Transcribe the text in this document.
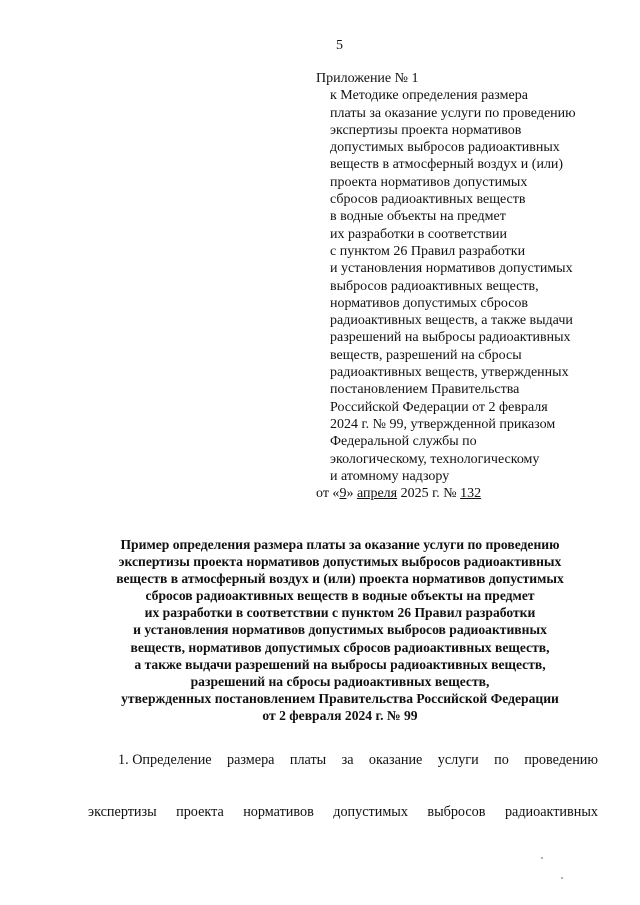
5
Приложение № 1
к Методике определения размера
платы за оказание услуги по проведению
экспертизы проекта нормативов
допустимых выбросов радиоактивных
веществ в атмосферный воздух и (или)
проекта нормативов допустимых
сбросов радиоактивных веществ
в водные объекты на предмет
их разработки в соответствии
с пунктом 26 Правил разработки
и установления нормативов допустимых
выбросов радиоактивных веществ,
нормативов допустимых сбросов
радиоактивных веществ, а также выдачи
разрешений на выбросы радиоактивных
веществ, разрешений на сбросы
радиоактивных веществ, утвержденных
постановлением Правительства
Российской Федерации от 2 февраля
2024 г. № 99, утвержденной приказом
Федеральной службы по
экологическому, технологическому
и атомному надзору
от «9» апреля 2025 г. № 132
Пример определения размера платы за оказание услуги по проведению
экспертизы проекта нормативов допустимых выбросов радиоактивных
веществ в атмосферный воздух и (или) проекта нормативов допустимых
сбросов радиоактивных веществ в водные объекты на предмет
их разработки в соответствии с пунктом 26 Правил разработки
и установления нормативов допустимых выбросов радиоактивных
веществ, нормативов допустимых сбросов радиоактивных веществ,
а также выдачи разрешений на выбросы радиоактивных веществ,
разрешений на сбросы радиоактивных веществ,
утвержденных постановлением Правительства Российской Федерации
от 2 февраля 2024 г. № 99
1. Определение размера платы за оказание услуги по проведению
экспертизы проекта нормативов допустимых выбросов радиоактивных
